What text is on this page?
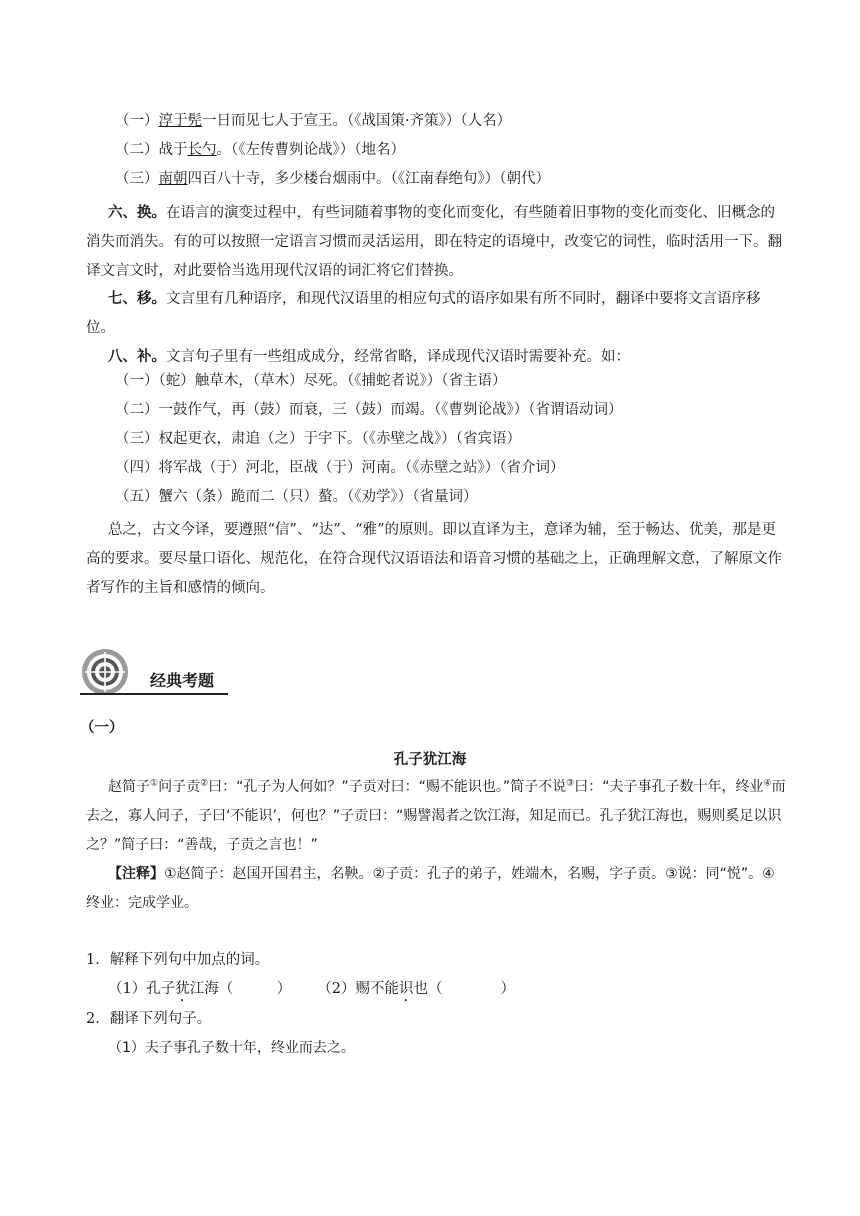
（一）淳于髡一日而见七人于宣王。（《战国策·齐策》）（人名）
（二）战于长勺。（《左传曹刿论战》）（地名）
（三）南朝四百八十寺，多少楼台烟雨中。（《江南春绝句》）（朝代）
六、换。在语言的演变过程中，有些词随着事物的变化而变化，有些随着旧事物的变化而变化、旧概念的消失而消失。有的可以按照一定语言习惯而灵活运用，即在特定的语境中，改变它的词性，临时活用一下。翻译文言文时，对此要恰当选用现代汉语的词汇将它们替换。
七、移。文言里有几种语序，和现代汉语里的相应句式的语序如果有所不同时，翻译中要将文言语序移位。
八、补。文言句子里有一些组成成分，经常省略，译成现代汉语时需要补充。如：
（一）（蛇）触草木，（草木）尽死。（《捕蛇者说》）（省主语）
（二）一鼓作气，再（鼓）而衰，三（鼓）而竭。（《曹刿论战》）（省谓语动词）
（三）权起更衣，肃追（之）于宇下。（《赤壁之战》）（省宾语）
（四）将军战（于）河北，臣战（于）河南。（《赤壁之站》）（省介词）
（五）蟹六（条）跪而二（只）螯。（《劝学》）（省量词）
总之，古文今译，要遵照“信”、“达”、“雅”的原则。即以直译为主，意译为辅，至于畅达、优美，那是更高的要求。要尽量口语化、规范化，在符合现代汉语语法和语音习惯的基础之上，正确理解文意，了解原文作者写作的主旨和感情的倾向。
经典考题
（一）
孔子犹江海
赵简子①问子贡②曰：“孔子为人何如？”子贡对曰：“赐不能识也。”简子不说③曰：“夫子事孔子数十年，终业④而去之，寡人问子，子曰‘不能识’，何也？”子贡曰：“赐譬渴者之饮江海，知足而已。孔子犹江海也，赐则奚足以识之？”简子曰：“善哉，子贡之言也！”
【注释】①赵简子：赵国开国君主，名鞅。②子贡：孔子的弟子，姓端木，名赐，字子贡。③说：同“悦”。④终业：完成学业。
1．解释下列句中加点的词。
（1）孔子犹江海（　　　） （2）赐不能识也（　　　　）
2．翻译下列句子。
（1）夫子事孔子数十年，终业而去之。
